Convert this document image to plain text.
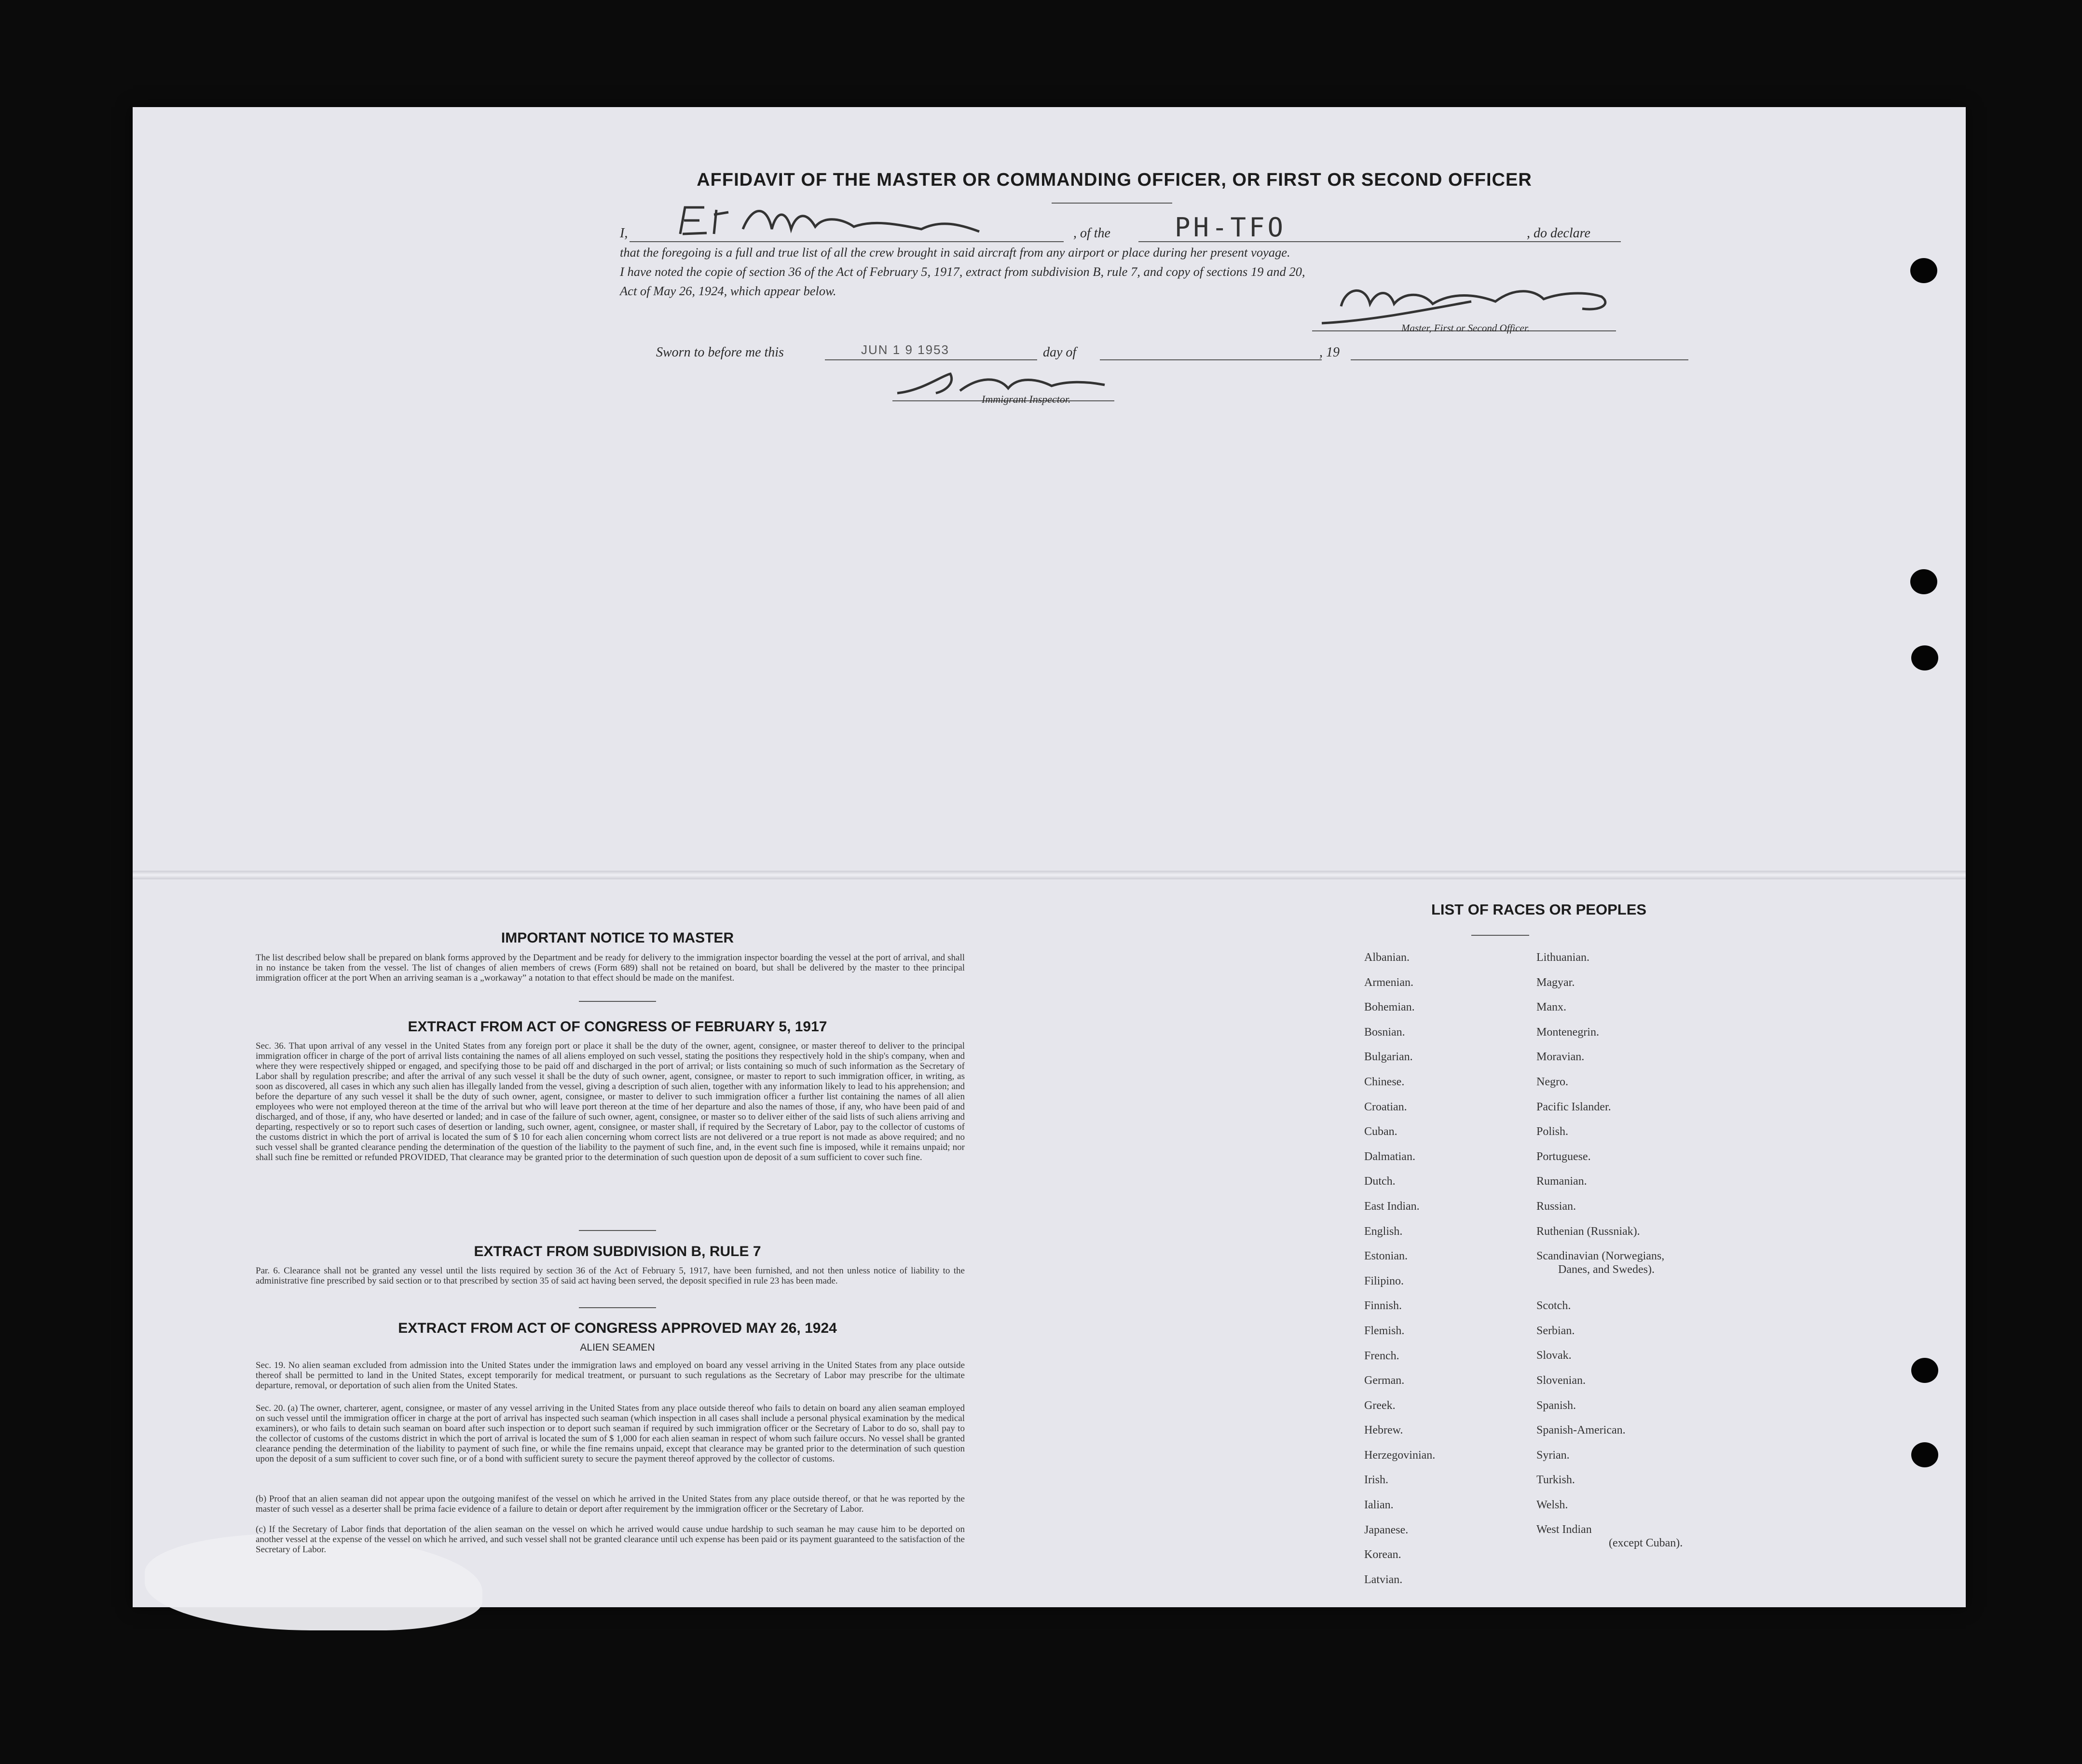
AFFIDAVIT OF THE MASTER OR COMMANDING OFFICER, OR FIRST OR SECOND OFFICER
I,	, of the PH-TFO	, do declare
that the foregoing is a full and true list of all the crew brought in said aircraft from any airport or place during her present voyage.
I have noted the copie of section 36 of the Act of February 5, 1917, extract from subdivision B, rule 7, and copy of sections 19 and 20,
Act of May 26, 1924, which appear below.
Master, First or Second Officer.
Sworn to before me this	JUN 1 9 1953	day of	, 19
Immigrant Inspector.
IMPORTANT NOTICE TO MASTER
The list described below shall be prepared on blank forms approved by the Department and be ready for delivery to the immigration inspector boarding the vessel at the port of arrival, and shall in no instance be taken from the vessel. The list of changes of alien members of crews (Form 689) shall not be retained on board, but shall be delivered by the master to thee principal immigration officer at the port When an arriving seaman is a „workaway” a notation to that effect should be made on the manifest.
EXTRACT FROM ACT OF CONGRESS OF FEBRUARY 5, 1917
Sec. 36. That upon arrival of any vessel in the United States from any foreign port or place it shall be the duty of the owner, agent, consignee, or master thereof to deliver to the principal immigration officer in charge of the port of arrival lists containing the names of all aliens employed on such vessel, stating the positions they respectively hold in the ship's company, when and where they were respectively shipped or engaged, and specifying those to be paid off and discharged in the port of arrival; or lists containing so much of such information as the Secretary of Labor shall by regulation prescribe; and after the arrival of any such vessel it shall be the duty of such owner, agent, consignee, or master to report to such immigration officer, in writing, as soon as discovered, all cases in which any such alien has illegally landed from the vessel, giving a description of such alien, together with any information likely to lead to his apprehension; and before the departure of any such vessel it shall be the duty of such owner, agent, consignee, or master to deliver to such immigration officer a further list containing the names of all alien employees who were not employed thereon at the time of the arrival but who will leave port thereon at the time of her departure and also the names of those, if any, who have been paid of and discharged, and of those, if any, who have deserted or landed; and in case of the failure of such owner, agent, consignee, or master so to deliver either of the said lists of such aliens arriving and departing, respectively or so to report such cases of desertion or landing, such owner, agent, consignee, or master shall, if required by the Secretary of Labor, pay to the collector of customs of the customs district in which the port of arrival is located the sum of $ 10 for each alien concerning whom correct lists are not delivered or a true report is not made as above required; and no such vessel shall be granted clearance pending the determination of the question of the liability to the payment of such fine, and, in the event such fine is imposed, while it remains unpaid; nor shall such fine be remitted or refunded PROVIDED, That clearance may be granted prior to the determination of such question upon de deposit of a sum sufficient to cover such fine.
EXTRACT FROM SUBDIVISION B, RULE 7
Par. 6. Clearance shall not be granted any vessel until the lists required by section 36 of the Act of February 5, 1917, have been furnished, and not then unless notice of liability to the administrative fine prescribed by said section or to that prescribed by section 35 of said act having been served, the deposit specified in rule 23 has been made.
EXTRACT FROM ACT OF CONGRESS APPROVED MAY 26, 1924
ALIEN SEAMEN
Sec. 19. No alien seaman excluded from admission into the United States under the immigration laws and employed on board any vessel arriving in the United States from any place outside thereof shall be permitted to land in the United States, except temporarily for medical treatment, or pursuant to such regulations as the Secretary of Labor may prescribe for the ultimate departure, removal, or deportation of such alien from the United States.
Sec. 20. (a) The owner, charterer, agent, consignee, or master of any vessel arriving in the United States from any place outside thereof who fails to detain on board any alien seaman employed on such vessel until the immigration officer in charge at the port of arrival has inspected such seaman (which inspection in all cases shall include a personal physical examination by the medical examiners), or who fails to detain such seaman on board after such inspection or to deport such seaman if required by such immigration officer or the Secretary of Labor to do so, shall pay to the collector of customs of the customs district in which the port of arrival is located the sum of $ 1,000 for each alien seaman in respect of whom such failure occurs. No vessel shall be granted clearance pending the determination of the liability to payment of such fine, or while the fine remains unpaid, except that clearance may be granted prior to the determination of such question upon the deposit of a sum sufficient to cover such fine, or of a bond with sufficient surety to secure the payment thereof approved by the collector of customs.
(b) Proof that an alien seaman did not appear upon the outgoing manifest of the vessel on which he arrived in the United States from any place outside thereof, or that he was reported by the master of such vessel as a deserter shall be prima facie evidence of a failure to detain or deport after requirement by the immigration officer or the Secretary of Labor.
(c) If the Secretary of Labor finds that deportation of the alien seaman on the vessel on which he arrived would cause undue hardship to such seaman he may cause him to be deported on another vessel at the expense of the vessel on which he arrived, and such vessel shall not be granted clearance until uch expense has been paid or its payment guaranteed to the satisfaction of the Secretary of Labor.
LIST OF RACES OR PEOPLES
Albanian.
Armenian.
Bohemian.
Bosnian.
Bulgarian.
Chinese.
Croatian.
Cuban.
Dalmatian.
Dutch.
East Indian.
English.
Estonian.
Filipino.
Finnish.
Flemish.
French.
German.
Greek.
Hebrew.
Herzegovinian.
Irish.
Ialian.
Japanese.
Korean.
Latvian.
Lithuanian.
Magyar.
Manx.
Montenegrin.
Moravian.
Negro.
Pacific Islander.
Polish.
Portuguese.
Rumanian.
Russian.
Ruthenian (Russniak).
Scandinavian (Norwegians,
Danes, and Swedes).
Scotch.
Serbian.
Slovak.
Slovenian.
Spanish.
Spanish-American.
Syrian.
Turkish.
Welsh.
West Indian
(except Cuban).
